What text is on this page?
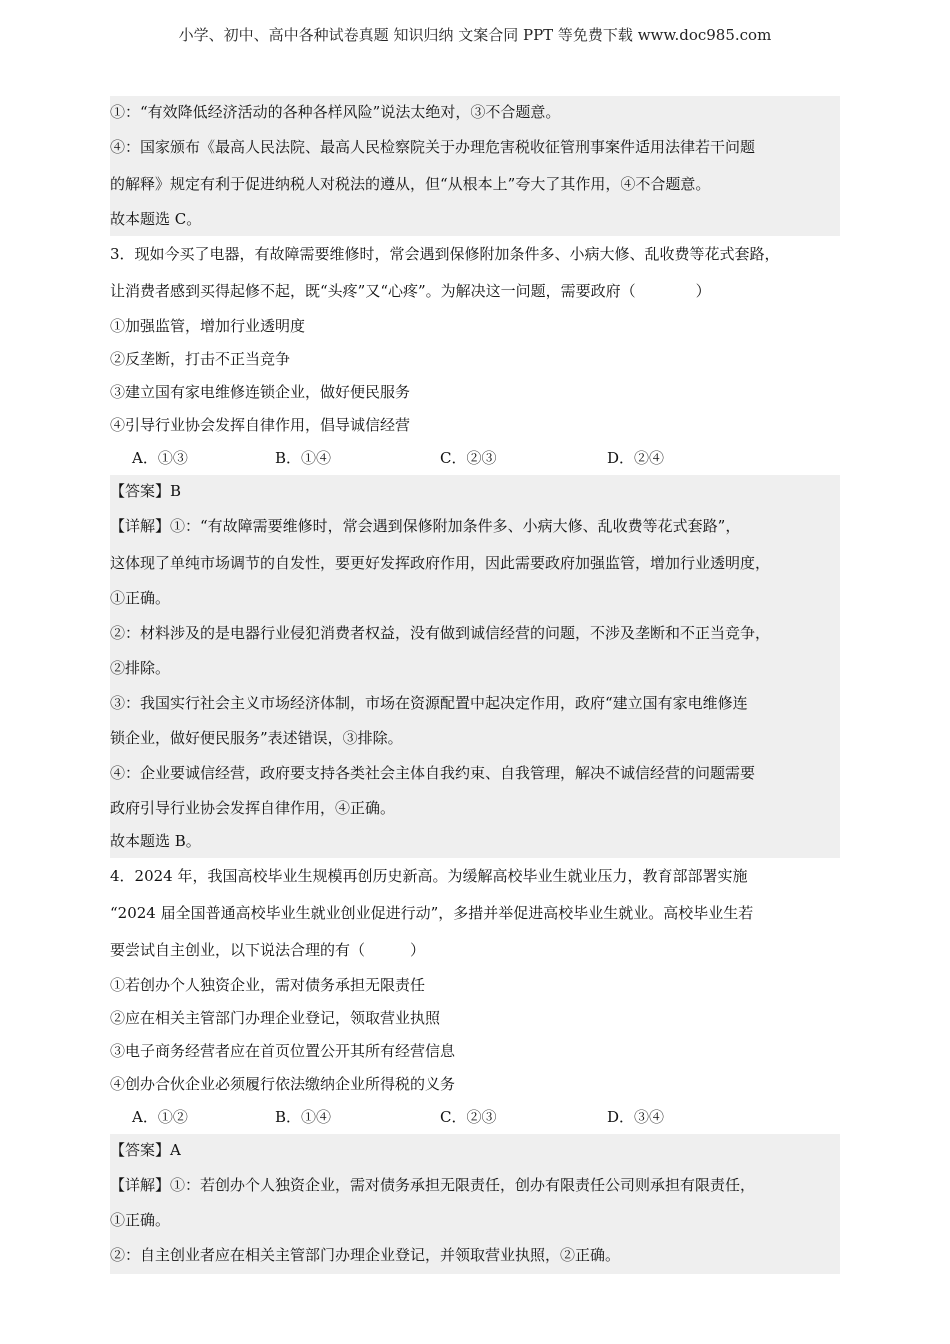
小学、初中、高中各种试卷真题 知识归纳 文案合同 PPT 等免费下载 www.doc985.com
①：“有效降低经济活动的各种各样风险”说法太绝对，③不合题意。
④：国家颁布《最高人民法院、最高人民检察院关于办理危害税收征管刑事案件适用法律若干问题
的解释》规定有利于促进纳税人对税法的遵从，但“从根本上”夸大了其作用，④不合题意。
故本题选 C。
3．现如今买了电器，有故障需要维修时，常会遇到保修附加条件多、小病大修、乱收费等花式套路，
让消费者感到买得起修不起，既“头疼”又“心疼”。为解决这一问题，需要政府（　　　　）
①加强监管，增加行业透明度
②反垄断，打击不正当竞争
③建立国有家电维修连锁企业，做好便民服务
④引导行业协会发挥自律作用，倡导诚信经营
A．①③	B．①④	C．②③	D．②④
【答案】B
【详解】①：“有故障需要维修时，常会遇到保修附加条件多、小病大修、乱收费等花式套路”，
这体现了单纯市场调节的自发性，要更好发挥政府作用，因此需要政府加强监管，增加行业透明度，
①正确。
②：材料涉及的是电器行业侵犯消费者权益，没有做到诚信经营的问题，不涉及垄断和不正当竞争，
②排除。
③：我国实行社会主义市场经济体制，市场在资源配置中起决定作用，政府“建立国有家电维修连
锁企业，做好便民服务”表述错误，③排除。
④：企业要诚信经营，政府要支持各类社会主体自我约束、自我管理，解决不诚信经营的问题需要
政府引导行业协会发挥自律作用，④正确。
故本题选 B。
4．2024 年，我国高校毕业生规模再创历史新高。为缓解高校毕业生就业压力，教育部部署实施
“2024 届全国普通高校毕业生就业创业促进行动”，多措并举促进高校毕业生就业。高校毕业生若
要尝试自主创业，以下说法合理的有（　　　）
①若创办个人独资企业，需对债务承担无限责任
②应在相关主管部门办理企业登记，领取营业执照
③电子商务经营者应在首页位置公开其所有经营信息
④创办合伙企业必须履行依法缴纳企业所得税的义务
A．①②	B．①④	C．②③	D．③④
【答案】A
【详解】①：若创办个人独资企业，需对债务承担无限责任，创办有限责任公司则承担有限责任，
①正确。
②：自主创业者应在相关主管部门办理企业登记，并领取营业执照，②正确。
